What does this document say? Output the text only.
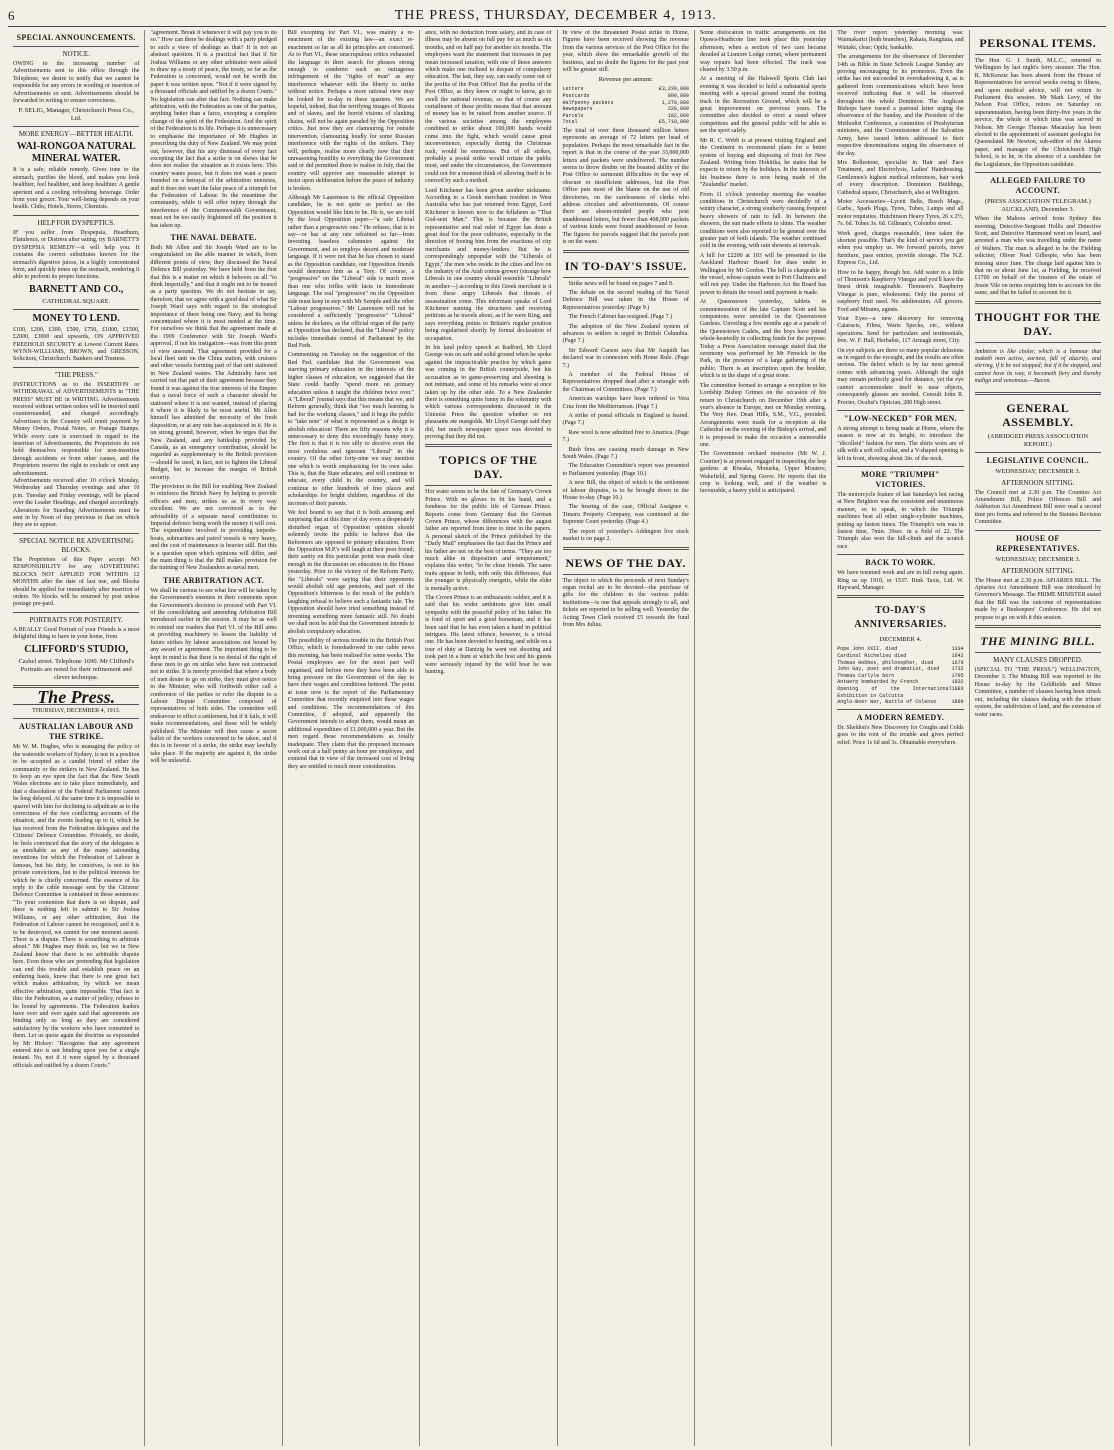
6	THE PRESS, THURSDAY, DECEMBER 4, 1913.
SPECIAL ANNOUNCEMENTS.
NOTICE.
OWING to the increasing number of Advertisements sent to this office through the Telephone, we desire to notify that we cannot be responsible for any errors in wording or insertion of Advertisements so sent. Advertisements should be forwarded in writing to ensure correctness.
P. SELIG, Manager, Christchurch Press Co., Ltd.
MORE ENERGY—BETTER HEALTH.
WAI-RONGOA NATURAL MINERAL WATER.
It is a safe, reliable remedy. Gives tone to the stomach, purifies the blood, and makes you look healthier, feel healthier, and keep healthier. A gentle aperient and a cooling refreshing beverage. Order from your grocer. Your well-being depends on your health. Clubs, Hotels, Stores, Chemists.
HELP FOR DYSPEPTICS.
IF you suffer from Dyspepsia, Heartburn, Flatulence, or Distress after eating, try BARNETT'S DYSPEPSIA REMEDY—it will help you. It contains the correct substitutes known for the stomach's digestive juices, in a highly concentrated form, and quickly tones up the stomach, rendering it able to perform its proper functions.
BARNETT AND CO.,
CATHEDRAL SQUARE.
MONEY TO LEND.
£100, £200, £300, £500, £750, £1000, £1500, £2000, £3000 and upwards, ON APPROVED FREEHOLD SECURITY at Lowest Current Rates. WYNN-WILLIAMS, BROWN, and GRESSON, Solicitors, Christchurch. Bankers and Trustees.
"THE PRESS."
INSTRUCTIONS as to the INSERTION or WITHDRAWAL of ADVERTISEMENTS in "THE PRESS" MUST BE in WRITING. Advertisements received without written orders will be inserted until countermanded, and charged accordingly. Advertisers in the Country will remit payment by Money Orders, Postal Notes, or Postage Stamps. While every care is exercised in regard to the insertion of Advertisements, the Proprietors do not hold themselves responsible for non-insertion through accidents or from other causes, and the Proprietors reserve the right to exclude or omit any advertisement.
Advertisements received after 10 o'clock Monday, Wednesday and Thursday evenings and after 10 p.m. Tuesday and Friday evenings, will be placed over the Leader Headings, and charged accordingly. Alterations for Standing Advertisements must be sent in by Noon of day previous to that on which they are to appear.
SPECIAL NOTICE RE ADVERTISING BLOCKS.
The Proprietors of this Paper accept NO RESPONSIBILITY for any ADVERTISING BLOCKS NOT APPLIED FOR WITHIN 12 MONTHS after the date of last use, and Blocks should be applied for immediately after insertion of orders. No blocks will be returned by post unless postage pre-paid.
PORTRAITS FOR POSTERITY.
A REALLY Good Portrait of your Friends is a most delightful thing to have in your home, from
CLIFFORD'S STUDIO,
Cashel street. Telephone 1690. Mr Clifford's Portraits are noted for their refinement and clever technique.
The Press.
THURSDAY, DECEMBER 4, 1913.
AUSTRALIAN LABOUR AND THE STRIKE.
Mr W. M. Hughes, who is managing the policy of the waterside workers of Sydney, is not in a position to be accepted as a candid friend of either the community or the strikers in New Zealand. He has to keep an eye upon the fact that the New South Wales elections are to take place immediately, and that a dissolution of the Federal Parliament cannot be long delayed. At the same time it is impossible to quarrel with him for declining to adjudicate as to the correctness of the two conflicting accounts of the situation, and the events leading up to it, which he has received from the Federation delegates and the Citizens' Defence Committee. Privately, no doubt, he feels convinced that the story of the delegates is as unreliable as any of the many astounding inventions for which the Federation of Labour is famous, but his duty, he conceives, is not to his private convictions, but to the political interests for which he is chiefly concerned. The essence of his reply to the cable message sent by the Citizens' Defence Committee is contained in these sentences: "To your contention that there is no dispute, and there is nothing left to submit to Sir Joshua Williams, or any other arbitration, that the Federation of Labour cannot be recognised, and it is to be destroyed, we cannot for one moment assent. There is a dispute. There is something to arbitrate about." Mr Hughes may think so, but we in New Zealand know that there is no arbitrable dispute here. Even those who are pretending that legislation can end this trouble and establish peace on an enduring basis, know that there is one great fact which makes arbitration, by which we mean effective arbitration, quite impossible. That fact is this: the Federation, as a matter of policy, refuses to be bound by agreements. The Federation leaders have over and over again said that agreements are binding only so long as they are considered satisfactory by the workers who have consented to them. Let us quote again the doctrine as expounded by Mr Hickey: "Recognise that any agreement entered into is not binding upon you for a single instant. No, not if it were signed by a thousand officials and ratified by a dozen Courts."
"agreement. Break it whenever it will pay you to do so." How can there be dealings with a party pledged to such a view of dealings as that? It is not an abstract question. It is a practical fact that if Sir Joshua Williams or any other arbitrator were asked to draw up a treaty of peace, the treaty, so far as the Federation is concerned, would not be worth the paper it was written upon. "Not if it were signed by a thousand officials and ratified by a dozen Courts." No legislation can alter that fact. Nothing can make arbitration, with the Federation as one of the parties, anything better than a farce, excepting a complete change of the spirit of the Federation. And the spirit of the Federation is its life. Perhaps it is unnecessary to emphasise the importance of Mr Hughes in prescribing the duty of New Zealand. We may point out, however, that his airy dismissal of every fact excepting the fact that a strike is on shows that he does not realise the situation as it exists here. This country wants peace, but it does not want a peace founded on a betrayal of the arbitration unionists, and it does not want the false peace of a triumph for the Federation of Labour. In the meantime the community, while it will offer injury through the interference of the Commonwealth Government, must not be too easily frightened off the position it has taken up.
THE NAVAL DEBATE.
Both Mr Allen and Sir Joseph Ward are to be congratulated on the able manner in which, from different points of view, they discussed the Naval Defence Bill yesterday. We have held from the first that this is a matter on which it behoves us all "to think Imperially," and that it ought not to be treated as a party question. We do not hesitate to say, therefore, that we agree with a good deal of what Sir Joseph Ward says with regard to the strategical importance of there being one Navy, and its being concentrated where it is most needed at the time. For ourselves we think that the agreement made at the 1909 Conference with Sir Joseph Ward's approval, if not his instigation—was from this point of view unsound. That agreement provided for a local fleet unit on the China station, with cruisers and other vessels forming part of that unit stationed in New Zealand waters. The Admiralty have not carried out that part of their agreement because they found it was against the true interests of the Empire that a naval force of such a character should be stationed where it is not wanted, instead of placing it where it is likely to be most useful. Mr Allen himself has admitted the necessity of the fresh disposition, or at any rate has acquiesced in it. He is on strong ground, however, when he urges that the New Zealand, and any battleship provided by Canada, as an emergency contribution, should be regarded as supplementary to the British provision—should be used, in fact, not to lighten the Liberal Budget, but to increase the margin of British security.

The provision in the Bill for enabling New Zealand to reinforce the British Navy by helping to provide officers and men, strikes us as in every way excellent. We are not convinced as to the advisability of a separate naval contribution to Imperial defence being worth the money it will cost. The expenditure involved in providing torpedo-boats, submarines and patrol vessels is very heavy, and the cost of maintenance is heavier still. But this is a question upon which opinions will differ, and the main thing is that the Bill makes provision for the training of New Zealanders as naval men.

THE ARBITRATION ACT.
We shall be curious to see what line will be taken by the Government's enemies in their comments upon the Government's decision to proceed with Part VI. of the consolidating and amending Arbitration Bill introduced earlier in the session. It may be as well to remind our readers that Part VI. of the Bill aims at providing machinery to lessen the liability of future strikes by labour associations not bound by any award or agreement. The important thing to be kept in mind is that there is no denial of the right of these men to go on strike who have not contracted not to strike. It is merely provided that where a body of men desire to go on strike, they must give notice to the Minister, who will forthwith either call a conference of the parties or refer the dispute to a Labour Dispute Committee composed of representatives of both sides. The committee will endeavour to effect a settlement, but if it fails, it will make recommendations, and these will be widely published. The Minister will then cause a secret ballot of the workers concerned to be taken, and if this is in favour of a strike, the strike may lawfully take place. If the majority are against it, the strike will be unlawful.

Bill excepting for Part VI., was mainly a re-enactment of the existing law—an exact re-enactment so far as all its principles are concerned. As to Part VI., these unscrupulous critics exhausted the language in their search for phrases strong enough to condemn such an outrageous infringement of the "rights of man" as any interference whatever with the liberty to strike without notice. Perhaps a more rational view may be looked for to-day in these quarters. We are hopeful, indeed, that the terrifying images of Russia and of slaves, and the horrid visions of clanking chains, will not be again paraded by the Opposition critics. Just now they are clamouring for outside intervention, clamouring loudly for some Russian interference with the rights of the strikers. They will, perhaps, realise more clearly now that their unreasoning hostility to everything the Government said or did permitted them to realise in July, that the country will approve any reasonable attempt to insist upon deliberation before the peace of industry is broken.

Although Mr Laurenson is the official Opposition candidate, he is not quite so perfect as the Opposition would like him to be. He is, we are told by the local Opposition paper—"a safe Liberal rather than a progressive one." He refuses, that is to say—or has at any rate refrained so far—from inventing baseless calumnies against the Government, and so employs decent and moderate language. If it were not that he has chosen to stand as the Opposition candidate, our Opposition friends would denounce him as a Tory. Of course, a "progressive" on the "Liberal" side is much more than one who trifles with facts in immoderate language. The real "progressive" on the Opposition side must keep in step with Mr Semple and the other "Labour progressives." Mr Laurenson will not be considered a sufficiently "progressive" "Liberal" unless he declares, as the official organ of the party at Opposition has declared, that the "Liberal" policy includes immediate control of Parliament by the Red Feds.

Commenting on Tuesday on the suggestion of the Red Fed. candidate that the Government was starving primary education in the interests of the higher classes of education, we suggested that the State could hardly "spend more on primary education unless it taught the children twice over." A "Liberal" journal says that this means that we, and Reform generally, think that "too much learning is bad for the working classes," and it begs the public to "take note" of what is represented as a design to abolish education! There are fifty reasons why it is unnecessary to deny this exceedingly funny story. The first is that it is too silly to deceive even the most credulous and ignorant "Liberal" in the country. Of the other forty-nine we may mention one which is worth emphasising for its own sake. This is, that the State educates, and will continue to educate, every child in the country, and will continue to offer hundreds of free places and scholarships for bright children, regardless of the incomes of their parents.

We feel bound to say that it is both amusing and surprising that at this time of day even a desperately disturbed organ of Opposition opinion should solemnly invite the public to believe that the Reformers are opposed to primary education. Even the Opposition M.P.'s will laugh at their poor friend; their sanity on this particular point was made clear enough in the discussion on education in the House yesterday. Prior to the victory of the Reform Party, the "Liberals" were saying that their opponents would abolish old age pensions, and part of the Opposition's bitterness is the result of the public's laughing refusal to believe such a fantastic tale. The Opposition should have tried something instead of inventing something more fantastic still. No doubt we shall next be told that the Government intends to abolish compulsory education.

The possibility of serious trouble in the British Post Office, which is foreshadowed in our cable news this morning, has been realised for some weeks. The Postal employees are for the most part well organised, and before now they have been able to bring pressure on the Government of the day to have their wages and conditions bettered. The point at issue now is the report of the Parliamentary Committee that recently enquired into these wages and conditions. The recommendations of this Committee, if adopted, and apparently the Government intends to adopt them, would mean an additional expenditure of £1,000,000 a year. But the men regard these recommendations as totally inadequate. They claim that the proposed increases work out at a half penny an hour per employee, and contend that in view of the increased cost of living they are entitled to much more consideration.

ance, with no deduction from salary, and in case of illness may be absent on full pay for as much as six months, and on half pay for another six months. The employees want the statement that increases in pay mean increased taxation, with one of those answers which make one inclined to despair of compulsory education. The last, they say, can easily come out of the profits of the Post Office! But the profits of the Post Office, as they know or ought to know, go to swell the national revenue, so that of course any curtailment of these profits means that that amount of money has to be raised from another source. If the various societies among the employees combined to strike about 100,000 hands would come into the fight, which would cause great inconvenience, especially during the Christmas rush, would be enormous. But of all strikes, probably a postal strike would irritate the public most, and under the circumstances, the Government could not for a moment think of allowing itself to be coerced by such a method.

Lord Kitchener has been given another nickname. According to a Greek merchant resident in West Australia who has just returned from Egypt, Lord Kitchener is known now to the fellaheen as "That God-sent Man." This is because the British representative and real ruler of Egypt has done a great deal for the poor cultivator, especially in the direction of freeing him from the exactions of city merchants and money-lenders. But he is correspondingly unpopular with the "Liberals of Egypt," the men who reside in the cities and live on the industry of the Arab cotton-grower (strange how Liberals in one country should resemble "Liberals" in another—) according to this Greek merchant is it from these angry Liberals that threats of assassination come. This informant speaks of Lord Kitchener naming the structures and receiving petitions as he travels about, as if he were King, and says everything points to Britain's regular position being regularised shortly by formal declaration of occupation.

In his land policy speech at Radford, Mr Lloyd George was on safe and solid ground when he spoke against the impracticable practice by which game was coming in the British countryside, but his accusation as to game-preserving and shooting is not intimate, and some of his remarks were at once taken up by the other side. To a New Zealander there is something quite funny in the solemnity with which various correspondents discussed in the Unionist Press the question whether or not pheasants ate mangolds. Mr Lloyd George said they did, but much newspaper space was devoted to proving that they did not.

TOPICS OF THE DAY.

Hot water seems to be the fate of Germany's Crown Prince. With no gloves to fit his hand, and a fondness for the public life of German Prince. Reports come from Germany that the German Crown Prince, whose differences with the august father are reported from time to time in the papers. A personal sketch of the Prince published by the "Daily Mail" emphasises the fact that the Prince and his father are not on the best of terms. "They are too much alike in disposition and temperament," explains this writer, "to be close friends. The same traits appear in both, with only this difference, that the younger is physically energetic, while the elder is mentally active.

The Crown Prince is an enthusiastic soldier, and it is said that his wider ambitions give him small sympathy with the peaceful policy of his father. He is fond of sport and a good horseman, and it has been said that he has even taken a hand in political intrigues. His latest offence, however, is a trivial one. He has been devoted to hunting, and while on a tour of duty at Dantzig he went out shooting and took part in a hunt at which the host and his guests were seriously injured by the wild boar he was hunting.

In view of the threatened Postal strike in Home, Figures have been received showing the revenue from the various services of the Post Office for the year, which show the remarkable growth of the business, and no doubt the figures for the past year will be greater still.

Revenue per annum:
Letters	£3,230,000
Postcards	800,000
Halfpenny packets	1,270,000
Newspapers	228,000
Parcels	182,000
Total	£5,710,000

The total of over three thousand million letters represents an average of 72 letters per head of population. Perhaps the most remarkable fact in the report is that in the course of the year 33,000,000 letters and packets were undelivered. The number seems to throw doubts on the boasted ability of the Post Office to surmount difficulties in the way of obscure or insufficient addresses, but the Post Office puts most of the blame on the use of old directories, on the carelessness of clerks who address circulars and advertisements. Of course there are absent-minded people who post unaddressed letters, but fewer than 408,000 packets of various kinds were found unaddressed or loose. The figures for parcels suggest that the parcels post is on the wane.

IN TO-DAY'S ISSUE.

Strike news will be found on pages 7 and 8.

The debate on the second reading of the Naval Defence Bill was taken in the House of Representatives yesterday. (Page 9.)

The French Cabinet has resigned. (Page 7.)

The adoption of the New Zealand system of advances to settlers is urged in British Columbia. (Page 7.)

Sir Edward Carson says that Mr Asquith has declared war in connexion with Home Rule. (Page 7.)

A member of the Federal House of Representatives dropped dead after a wrangle with the Chairman of Committees. (Page 7.)

American warships have been ordered to Vera Cruz from the Mediterranean. (Page 7.)

A strike of postal officials in England is feared. (Page 7.)

Raw wool is now admitted free to America. (Page 7.)

Bush fires are causing much damage in New South Wales. (Page 7.)

The Education Committee's report was presented to Parliament yesterday. (Page 10.)

A new Bill, the object of which is the settlement of labour disputes, is to be brought down in the House to-day. (Page 10.)

The hearing of the case, Official Assignee v. Timaru Property Company, was continued at the Supreme Court yesterday. (Page 4.)

The report of yesterday's Addington live stock market is on page 2.

NEWS OF THE DAY.

The object to which the proceeds of next Sunday's organ recital are to be devoted—the purchase of gifts for the children in the various public institutions—is one that appeals strongly to all, and tickets are reported to be selling well. Yesterday the Acting Town Clerk received £5 towards the fund from Mrs Julius.

Some dislocation in traffic arrangements on the Opawa-Heathcote line took place this yesterday afternoon, when a section of two cars became derailed at Lismore Lodge corner, where permanent way repairs had been effected. The track was cleared by 3.50 p.m.

At a meeting of the Halswell Sports Club last evening it was decided to hold a substantial sports meeting with a special ground round the trotting track in the Recreation Ground, which will be a great improvement on previous years. The committee also decided to erect a stand where competitors and the general public will be able to see the sport safely.

Mr R. C. Webb is at present visiting England and the Continent to recommend plans for a better system of buying and disposing of fruit for New Zealand. Writing from Hokitika, he states that he expects to return by the holidays. In the interests of his business there is now being made of the "Zealandia" market.

From 11 o'clock yesterday morning the weather conditions in Christchurch were decidedly of a wintry character, a strong southerly causing frequent heavy showers of rain to fall. In between the showers, the sun made efforts to shine. The weather conditions were also reported to be general over the greater part of both islands. The weather continued cold in the evening, with rain showers at intervals.

A bill for £2200 at 103 will be presented to the Auckland Harbour Board for dues under to Wellington by Mr Gordon. The bill is chargeable to the vessel, whose captain went to Port Chalmers and will not pay. Under the Harbours Act the Board has power to detain the vessel until payment is made.

At Queenstown yesterday, tablets in commemoration of the late Captain Scott and his companions were unveiled in the Queenstown Gardens. Unveiling a few months ago at a parade of the Queenstown Cadets, and the boys have joined whole-heartedly in collecting funds for the purpose. Today a Press Association message stated that the ceremony was performed by Mr Fenwick in the Park, in the presence of a large gathering of the public. There is an inscription upon the boulder, which is in the shape of a great stone.

The committee formed to arrange a reception to his Lordship Bishop Grimes on the occasion of his return to Christchurch on December 19th after a year's absence in Europe, met on Monday evening. The Very Rev. Dean Hills, S.M., V.G., presided. Arrangements were made for a reception at the Cathedral on the evening of the Bishop's arrival, and it is proposed to make the occasion a memorable one.

The Government orchard instructor (Mr W. J. Courtier) is at present engaged in inspecting the hop gardens at Riwaka, Motueka, Upper Moutere, Wakefield, and Spring Grove. He reports that the crop is looking well, and if the weather is favourable, a heavy yield is anticipated.

The river report yesterday morning was: Waimakariri (both branches), Rakaia, Rangitata, and Waitaki, clear; Opihi, bankable.

The arrangements for the observance of December 14th as Bible in State Schools League Sunday are proving encouraging to its promoters. Even the strike has not succeeded in overshadowing it, as is gathered from communications which have been received indicating that it will be observed throughout the whole Dominion. The Anglican Bishops have issued a pastoral letter urging the observance of the Sunday, and the President of the Methodist Conference, a committee of Presbyterian ministers, and the Commissioner of the Salvation Army, have issued letters addressed to their respective denominations urging the observance of the day.

Mrs Rollestone, specialist in Hair and Face Treatment, and Electrolysis, Ladies' Hairdressing, Gentlemen's highest medical references, hair work of every description. Dominion Buildings, Cathedral square, Christchurch, also at Wellington.

Motor Accessories—Lycett Belts, Bosch Mags., Carbs., Spark Plugs, Tyres, Tubes, Lamps and all motor requisites. Hutchinson Heavy Tyres, 26 x 2½, 7s. 6d. Tubes 3s. 6d. Gillman's, Colombo street.

Work good, charges reasonable, time taken the shortest possible. That's the kind of service you get when you employ us. We forward parcels, move furniture, pass entries, provide storage. The N.Z. Express Co., Ltd.

How to be happy, though hot. Add water to a little of Thomson's Raspberry Vinegar and you'll have the finest drink imaginable. Thomson's Raspberry Vinegar is pure, wholesome. Only the purest of raspberry fruit used. No adulteration. All grocers. Ford and Mirams, agents.

Your Eyes—a new discovery for removing Cataracts, Films, Warts Specks, etc., without operations. Send for particulars and testimonials, free. W. F. Hall, Herbalist, 117 Armagh street, City.

On eye subjects are there so many popular delusions as in regard to the eyesight, and the results are often serious. The defect which is by far most general comes with advancing years. Although the sight may remain perfectly good for distance, yet the eye cannot accommodate itself to near objects, consequently glasses are needed. Consult John R. Procter, Oculist's Optician, 200 High street.

"LOW-NECKED" FOR MEN.

A strong attempt is being made at Home, where the season is now at its height, to introduce the "décolleté" fashion for men. The shirts worn are of silk with a soft roll collar, and a V-shaped opening is left in front, showing about 3in. of the neck.

MORE "TRIUMPH" VICTORIES.

The motorcycle feature of last Saturday's hot racing at New Brighton was the consistent and unanimous manner, so to speak, in which the Triumph machines beat all other single-cylinder machines, putting up fastest times. The Triumph's win was in fastest time, 7min. 39sec. in a field of 22. The Triumph also won the hill-climb and the scratch race.

BACK TO WORK.

We have resumed work and are in full swing again. Ring us up 1910, or 1537. Rink Taxis, Ltd. W. Hayward, Manager.

TO-DAY'S ANNIVERSARIES.
DECEMBER 4.
Pope John XXII. died	1334
Cardinal Richelieu died	1642
Thomas Hobbes, philosopher, died	1679
John Gay, poet and dramatist, died 1732
Thomas Carlyle born	1795
Antwerp bombarded by French	1832
Opening of the International Exhibition in Calcutta
1883
Anglo-Boer War, Battle of Colenso	1899
A MODERN REMEDY.

Dr. Sheldon's New Discovery for Coughs and Colds goes to the root of the trouble and gives perfect relief. Price 1s 6d and 3s. Obtainable everywhere.

PERSONAL ITEMS.

The Hon. G. J. Smith, M.L.C., returned to Wellington by last night's ferry steamer. The Hon. R. McKenzie has been absent from the House of Representatives for several weeks owing to illness, and upon medical advice, will not return to Parliament this session. Mr Mark Levy, of the Nelson Post Office, retires on Saturday on superannuation, having been thirty-five years in the service, the whole of which time was served in Nelson. Mr George Thomas Macaulay has been elected to the appointment of assistant geologist for Queensland. Mr Newton, sub-editor of the Akaroa paper, and manager of the Christchurch High School, is to be, in the absence of a candidate for the Legislature, the Opposition candidate.

ALLEGED FAILURE TO ACCOUNT.
(PRESS ASSOCIATION TELEGRAM.) AUCKLAND, December 3.

When the Mahora arrived from Sydney this morning, Detective-Sergeant Hollis and Detective Scott, and Detective Hammond went on board, and arrested a man who was travelling under the name of Walters. The man is alleged to be the Fielding solicitor, Oliver Noel Gillespie, who has been missing since June. The charge laid against him is that on or about June 1st, at Fielding, he received £1700 on behalf of the trustees of the estate of Jessie Vile on terms requiring him to account for the same, and that he failed to account for it.

THOUGHT FOR THE DAY.

Ambition is like choler, which is a humour that maketh men active, earnest, full of alacrity, and stirring, if it be not stopped; but if it be stopped, and cannot have its way, it becometh fiery and thereby malign and venomous.—Bacon.

GENERAL ASSEMBLY.
(ABRIDGED PRESS ASSOCIATION REPORT.)
LEGISLATIVE COUNCIL.
WEDNESDAY, DECEMBER 3.
AFTERNOON SITTING.

The Council met at 2.30 p.m. The Counties Act Amendment Bill, Police Offences Bill and Ashburton Act Amendment Bill were read a second time pro forma and referred to the Statutes Revision Committee.

HOUSE OF REPRESENTATIVES.
WEDNESDAY, DECEMBER 3.
AFTERNOON SITTING.

The House met at 2.30 p.m. APIARIES BILL. The Apiaries Act Amendment Bill was introduced by Governor's Message. The PRIME MINISTER stated that the Bill was the outcome of representations made by a Beekeepers' Conference. He did not propose to go on with it this session.

THE MINING BILL.
MANY CLAUSES DROPPED.

(SPECIAL TO "THE PRESS.") WELLINGTON, December 3. The Mining Bill was reported to the House to-day by the Goldfields and Mines Committee, a number of clauses having been struck out, including the clauses dealing with the tribute system, the subdivision of land, and the extension of water races.
